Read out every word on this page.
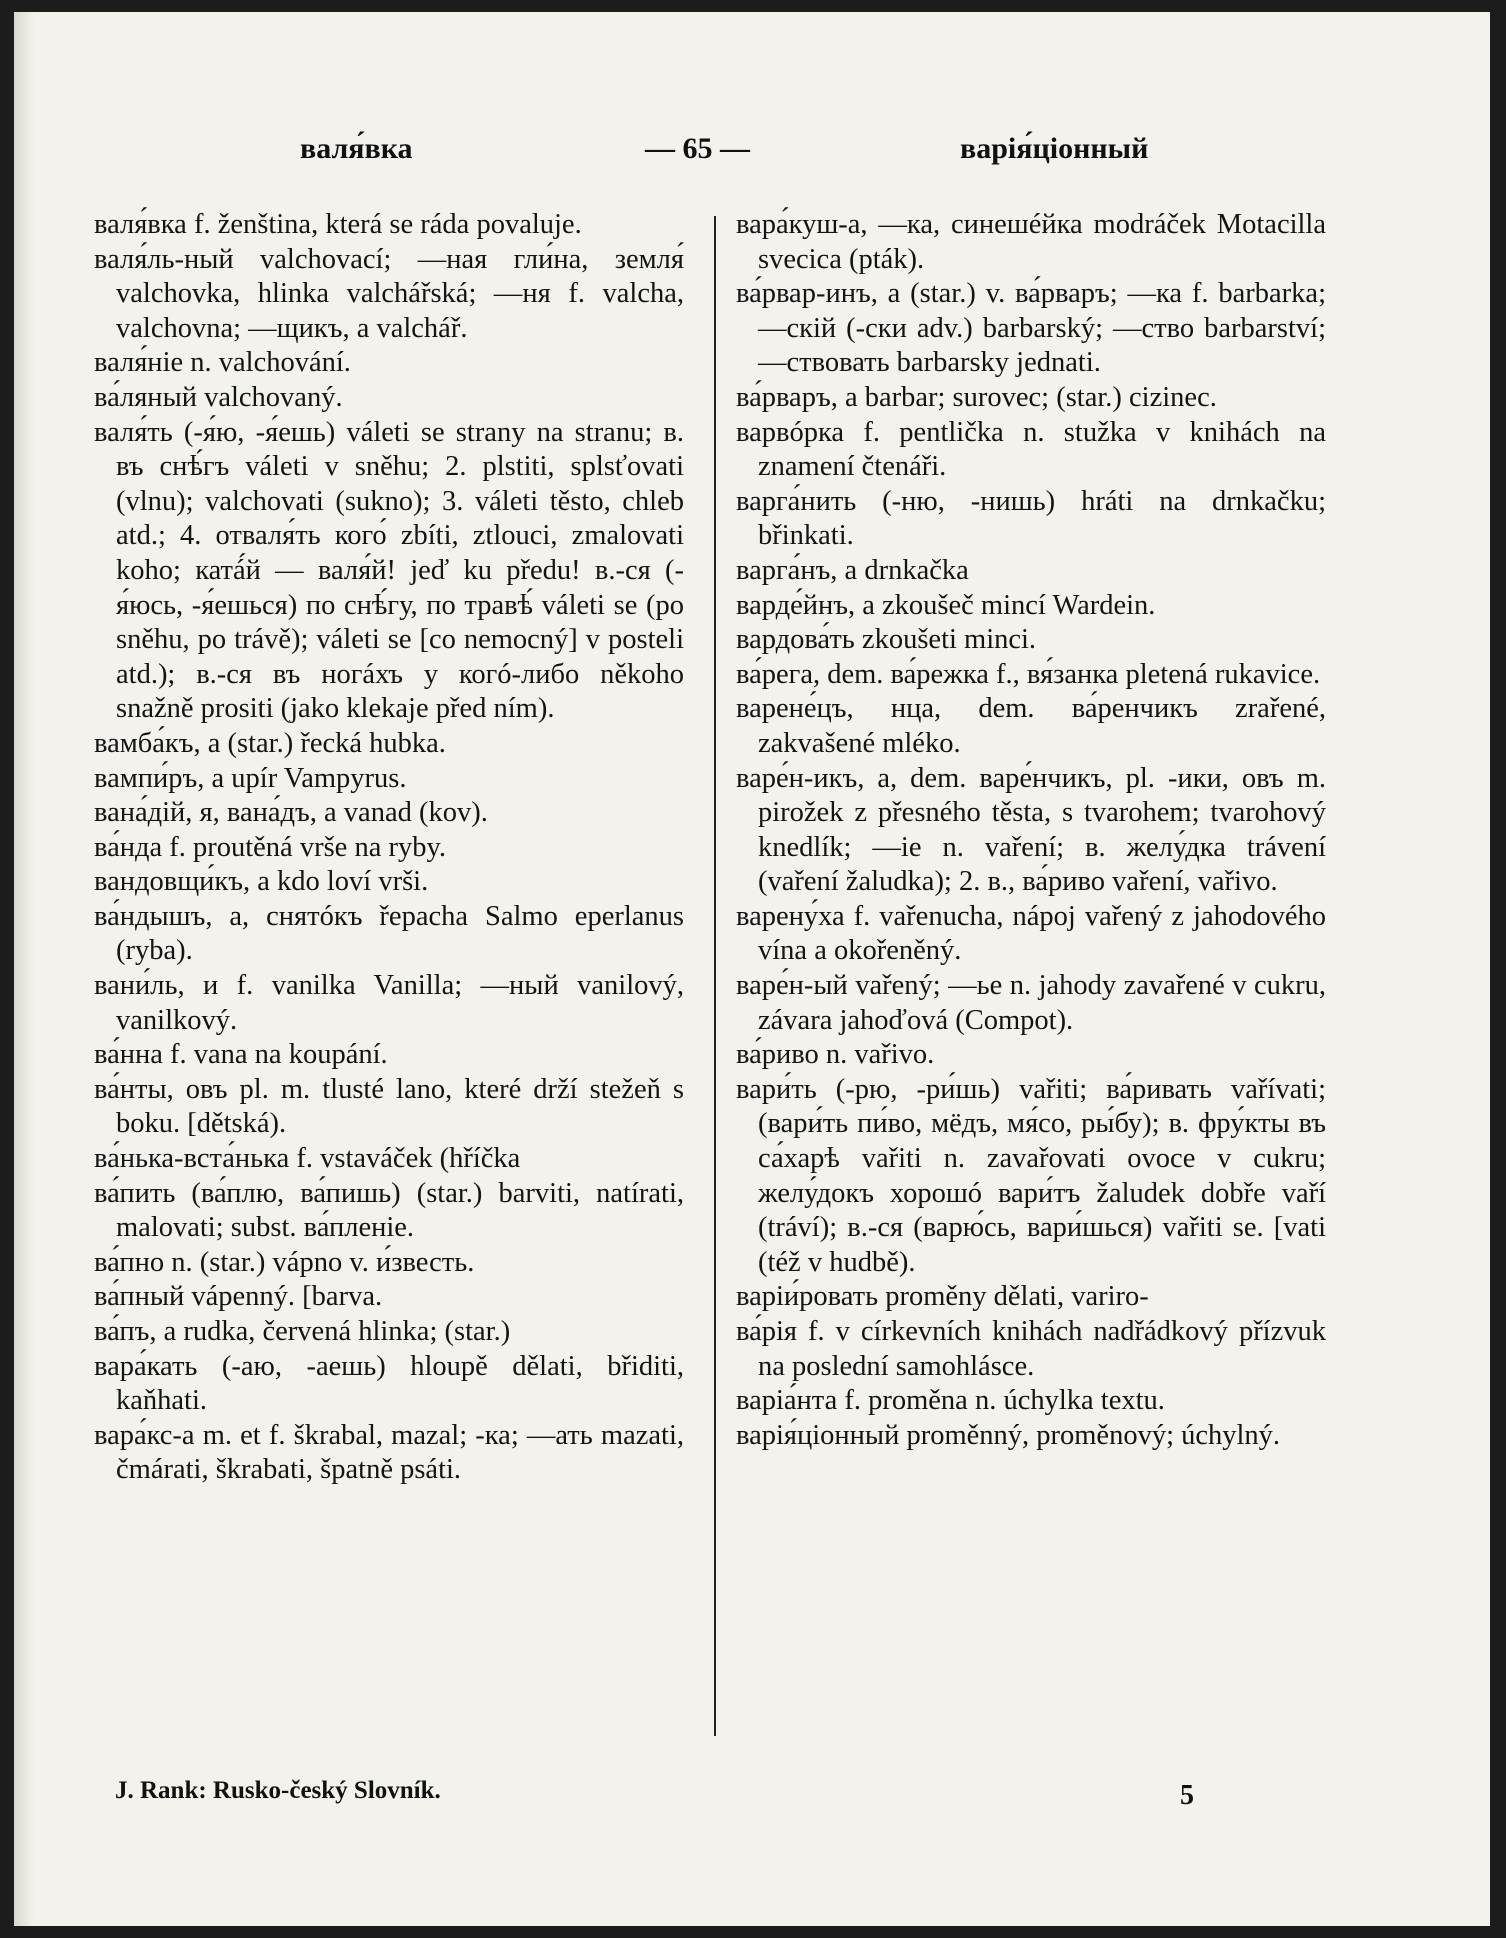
валя́вка	— 65 —	варiя́цiонный

валя́вка f. ženština, která se ráda povaluje.

валя́ль-ный valchovací; —ная гли́на, земля́ valchovka, hlinka valchářská; —ня f. valcha, valchovna; —щикъ, a valchář.

валя́нiе n. valchování.

ва́ляный valchovaný.

валя́ть (-я́ю, -я́ешь) váleti se strany na stranu; в. въ снѣ́гъ váleti v sněhu; 2. plstiti, splsťovati (vlnu); valchovati (sukno); 3. váleti těsto, chleb atd.; 4. отваля́ть кого́ zbíti, ztlouci, zmalovati koho; катá́й — валя́й! jeď ku předu! в.-ся (-я́юсь, -я́ешься) по снѣ́гу, по травѣ́ váleti se (po sněhu, po trávě); váleti se [co nemocný] v posteli atd.); в.-ся въ ногáхъ у когó-либо někoho snažně prositi (jako klekaje před ním).

вамба́къ, a (star.) řecká hubka.

вампи́ръ, a upír Vampyrus.

вана́дiй, я, вана́дъ, a vanad (kov).

ва́нда f. proutěná vrše na ryby.

вандовщи́къ, a kdo loví vrši.

ва́ндышъ, a, снятóкъ řepacha Salmo eperlanus (ryba).

вани́ль, и f. vanilka Vanilla; —ный vanilový, vanilkový.

ва́нна f. vana na koupání.

ва́нты, овъ pl. m. tlusté lano, které drží stežeň s boku. [dětská).

ва́нька-вста́нька f. vstaváček (hříčka

ва́пить (ва́плю, ва́пишь) (star.) barviti, natírati, malovati; subst. ва́пленiе.

ва́пно n. (star.) vápno v. и́звесть.

ва́пный vápenný. [barva.

ва́пъ, a rudka, červená hlinka; (star.)

вара́кать (-аю, -аешь) hloupě dělati, břiditi, kaňhati.

вара́кс-а m. et f. škrabal, mazal; -ка; —ать mazati, čmárati, škrabati, špatně psáti.

вара́куш-а, —ка, синешéйка modráček Motacilla svecica (pták).

ва́рвар-инъ, a (star.) v. ва́рваръ; —ка f. barbarka; —скiй (-ски adv.) barbarský; —ство barbarství; —ствовать barbarsky jednati.

ва́рваръ, a barbar; surovec; (star.) cizinec.

варвóрка f. pentlička n. stužka v knihách na znamení čtenáři.

варга́нить (-ню, -нишь) hráti na drnkačku; břinkati.

варга́нъ, a drnkačka

варде́йнъ, a zkoušeč mincí Wardein.

вардова́ть zkoušeti minci.

ва́рега, dem. ва́режка f., вя́занка pletená rukavice.

варене́цъ, нца, dem. ва́ренчикъ zrařené, zakvašené mléko.

варе́н-икъ, a, dem. варе́нчикъ, pl. -ики, овъ m. pirožek z přesného těsta, s tvarohem; tvarohový knedlík; —ie n. vaření; в. желу́дка trávení (vaření žaludka); 2. в., ва́риво vaření, vařivo.

варену́ха f. vařenucha, nápoj vařený z jahodového vína a okořeněný.

варе́н-ый vařený; —ье n. jahody zavařené v cukru, závara jahoďová (Compot).

ва́риво n. vařivo.

вари́ть (-рю, -ри́шь) vařiti; ва́ривать vařívati; (вари́ть пи́во, мёдъ, мя́со, ры́бу); в. фру́кты въ са́харѣ vařiti n. zavařovati ovoce v cukru; желу́докъ хорошó вари́тъ žaludek dobře vaří (tráví); в.-ся (варю́сь, вари́шься) vařiti se. [vati (též v hudbě).

варiи́ровать proměny dělati, variro-

ва́рiя f. v církevních knihách nadřádkový přízvuk na poslední samohlásce.

варiа́нта f. proměna n. úchylka textu.

варiя́цiонный proměnný, proměnový; úchylný.

J. Rank: Rusko-český Slovník.	5
